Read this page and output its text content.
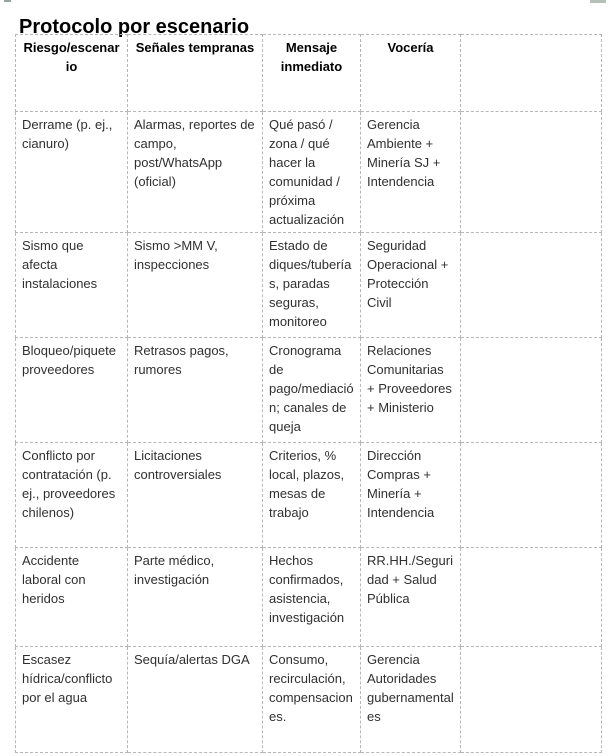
Protocolo por escenario
Riesgo/escenario	Señales tempranas	Mensaje inmediato	Vocería	
Derrame (p. ej., cianuro)	Alarmas, reportes de campo, post/WhatsApp (oficial)	Qué pasó / zona / qué hacer la comunidad / próxima actualización	Gerencia Ambiente + Minería SJ + Intendencia	
Sismo que afecta instalaciones	Sismo >MM V, inspecciones	Estado de diques/tuberías, paradas seguras, monitoreo	Seguridad Operacional + Protección Civil	
Bloqueo/piquete proveedores	Retrasos pagos, rumores	Cronograma de pago/mediación; canales de queja	Relaciones Comunitarias + Proveedores + Ministerio	
Conflicto por contratación (p. ej., proveedores chilenos)	Licitaciones controversiales	Criterios, % local, plazos, mesas de trabajo	Dirección Compras + Minería + Intendencia	
Accidente laboral con heridos	Parte médico, investigación	Hechos confirmados, asistencia, investigación	RR.HH./Seguridad + Salud Pública	
Escasez hídrica/conflicto por el agua	Sequía/alertas DGA	Consumo, recirculación, compensaciones.	Gerencia Autoridades gubernamentales	
